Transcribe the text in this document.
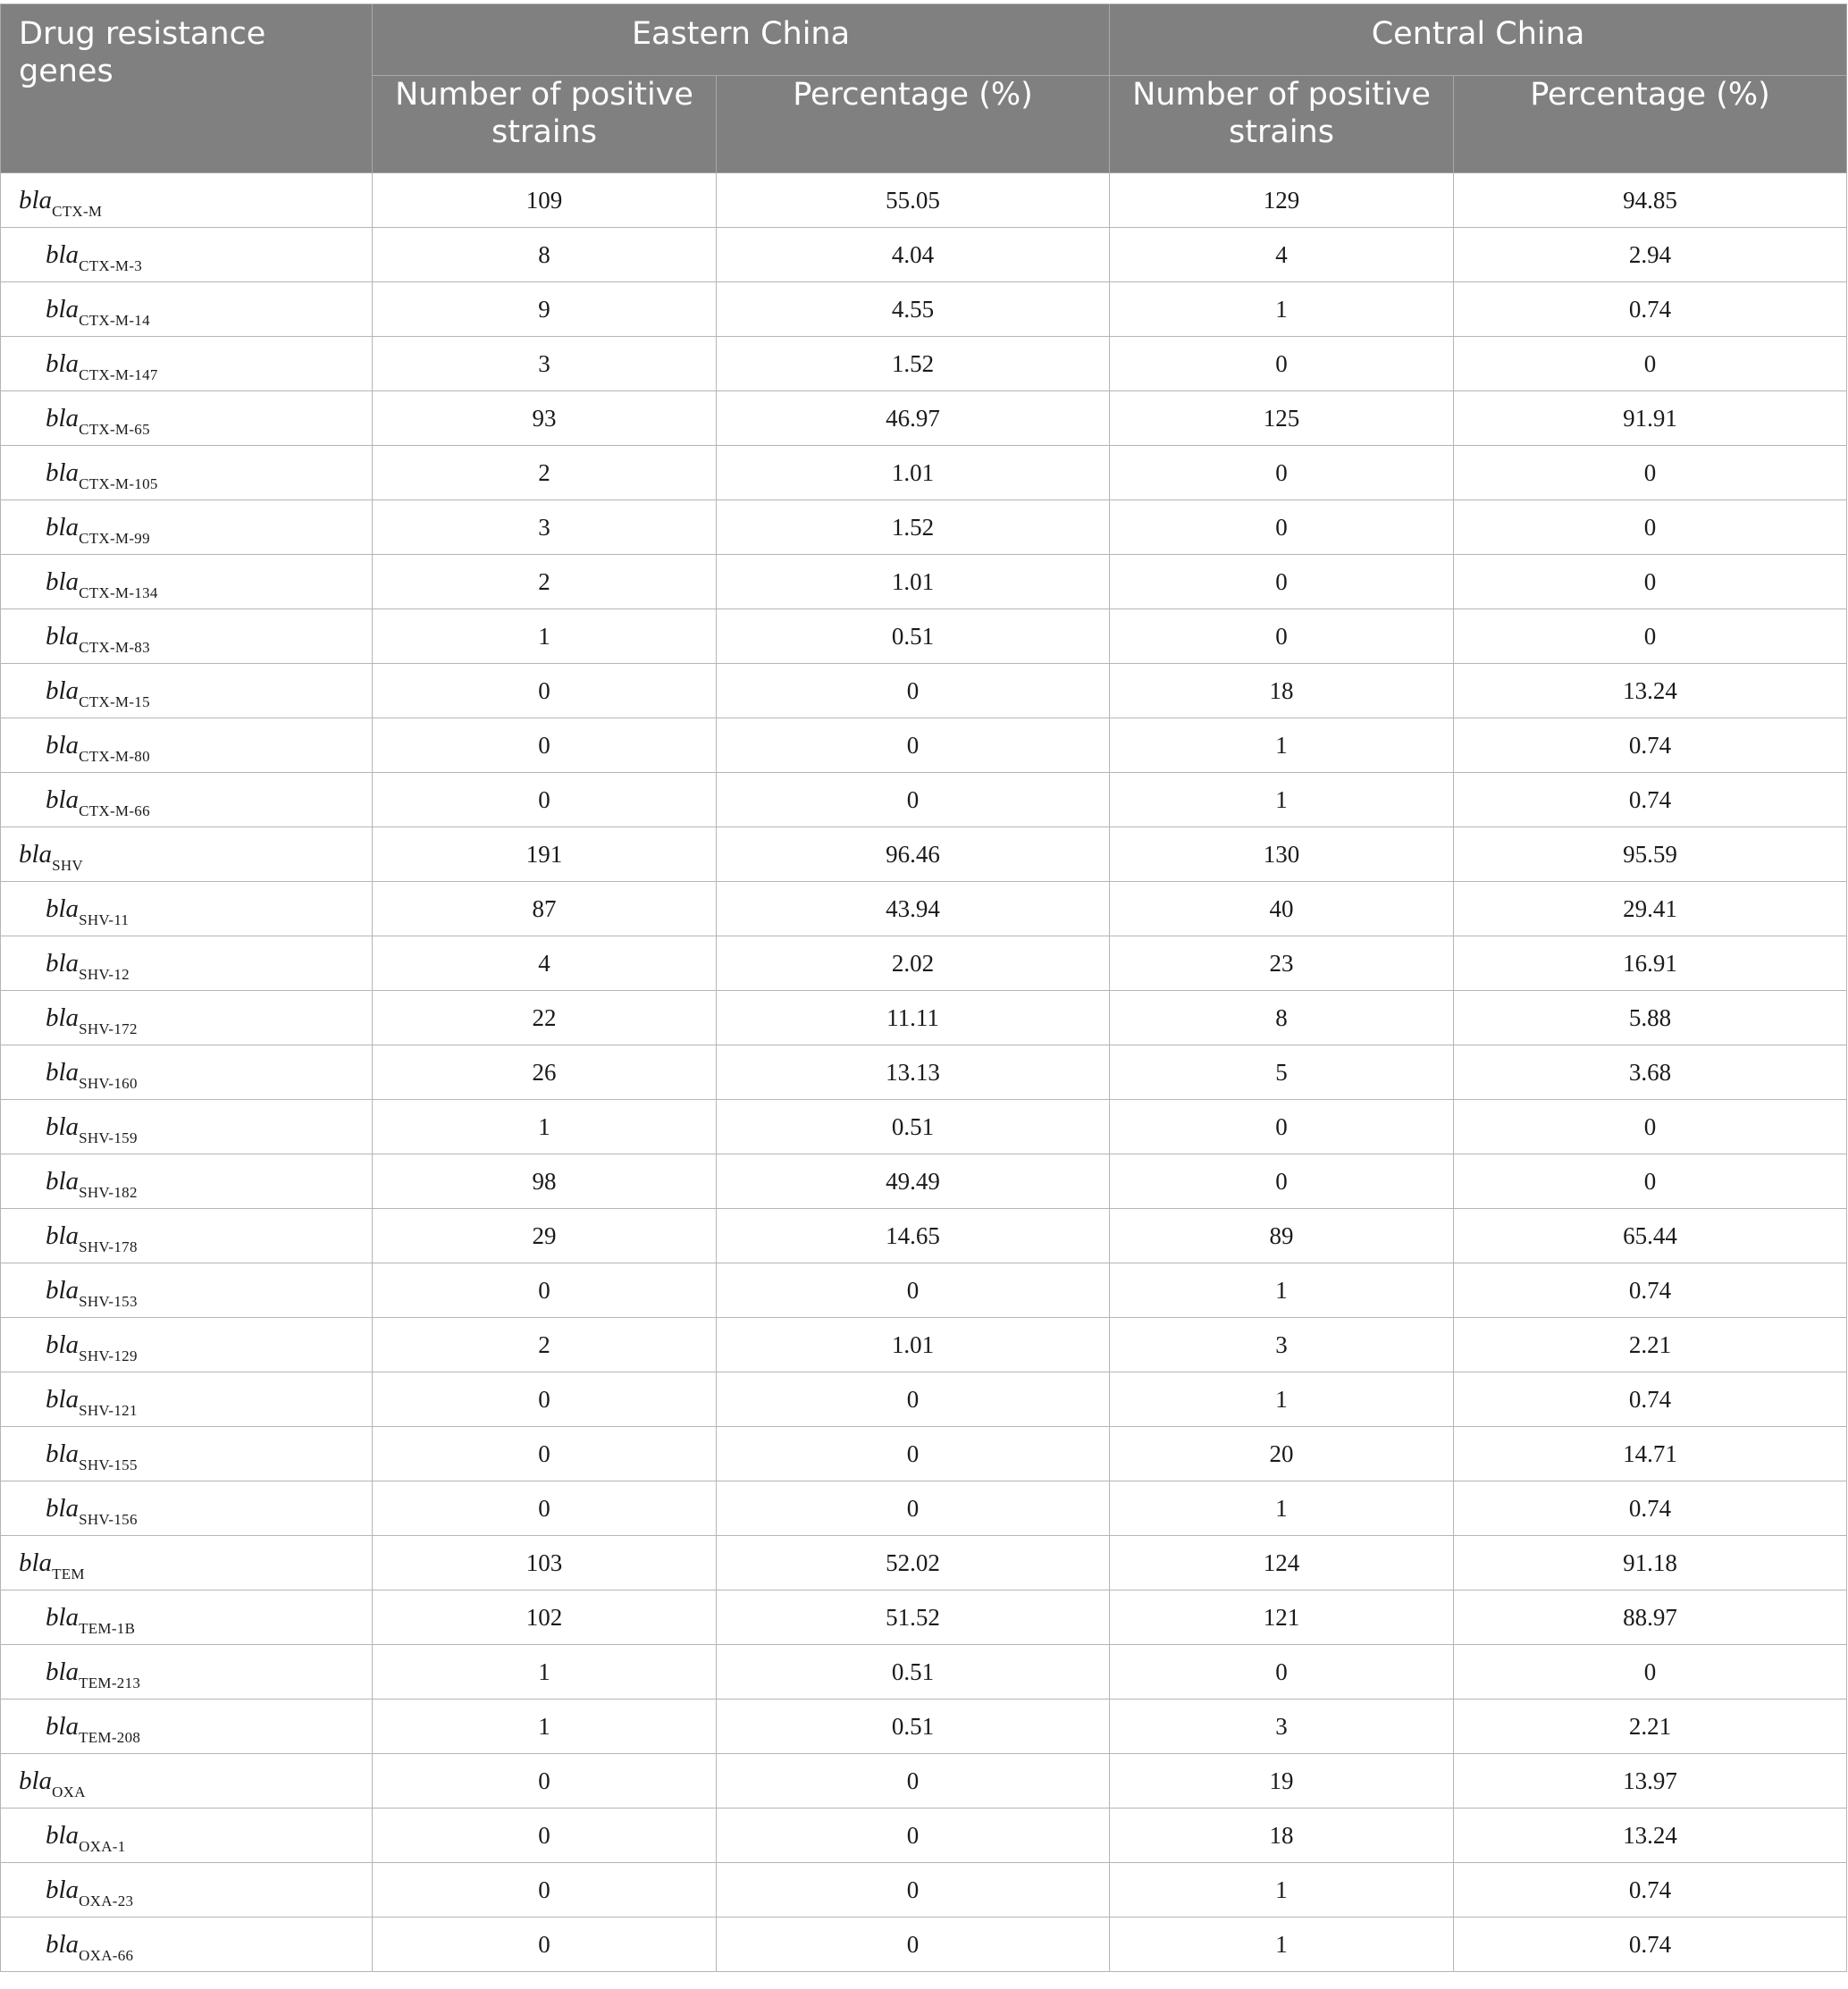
Drug resistance genes	Eastern China		Central China	
	Number of positive strains	Percentage (%)	Number of positive strains	Percentage (%)
bla$_{CTX-M}$	109	55.05	129	94.85
bla$_{CTX-M-3}$	8	4.04	4	2.94
bla$_{CTX-M-14}$	9	4.55	1	0.74
bla$_{CTX-M-147}$	3	1.52	0	0
bla$_{CTX-M-65}$	93	46.97	125	91.91
bla$_{CTX-M-105}$	2	1.01	0	0
bla$_{CTX-M-99}$	3	1.52	0	0
bla$_{CTX-M-134}$	2	1.01	0	0
bla$_{CTX-M-83}$	1	0.51	0	0
bla$_{CTX-M-15}$	0	0	18	13.24
bla$_{CTX-M-80}$	0	0	1	0.74
bla$_{CTX-M-66}$	0	0	1	0.74
bla$_{SHV}$	191	96.46	130	95.59
bla$_{SHV-11}$	87	43.94	40	29.41
bla$_{SHV-12}$	4	2.02	23	16.91
bla$_{SHV-172}$	22	11.11	8	5.88
bla$_{SHV-160}$	26	13.13	5	3.68
bla$_{SHV-159}$	1	0.51	0	0
bla$_{SHV-182}$	98	49.49	0	0
bla$_{SHV-178}$	29	14.65	89	65.44
bla$_{SHV-153}$	0	0	1	0.74
bla$_{SHV-129}$	2	1.01	3	2.21
bla$_{SHV-121}$	0	0	1	0.74
bla$_{SHV-155}$	0	0	20	14.71
bla$_{SHV-156}$	0	0	1	0.74
bla$_{TEM}$	103	52.02	124	91.18
bla$_{TEM-1B}$	102	51.52	121	88.97
bla$_{TEM-213}$	1	0.51	0	0
bla$_{TEM-208}$	1	0.51	3	2.21
bla$_{OXA}$	0	0	19	13.97
bla$_{OXA-1}$	0	0	18	13.24
bla$_{OXA-23}$	0	0	1	0.74
bla$_{OXA-66}$	0	0	1	0.74
